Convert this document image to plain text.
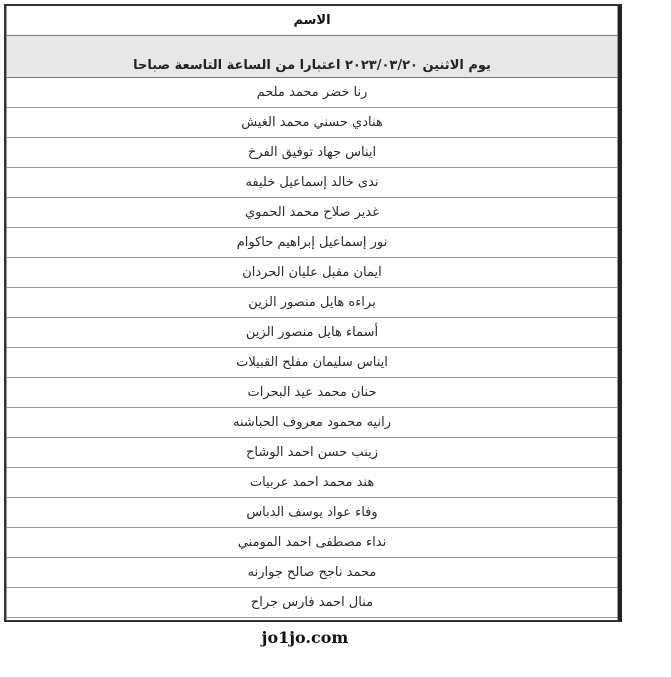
الاسم
يوم الاثنين ٢٠٢٣/٠٣/٢٠ اعتبارا من الساعة التاسعة صباحا
رنا خضر محمد ملحم
هنادي حسني محمد الغيش
ايناس جهاد توفيق الفرخ
ندى خالد إسماعيل خليفه
غدير صلاح محمد الحموي
نور إسماعيل إبراهيم حاكوام
ايمان مقبل عليان الحردان
براءه هايل منصور الزين
أسماء هايل منصور الزين
ايناس سليمان مفلح القبيلات
حنان محمد عيد البحرات
رانيه محمود معروف الحباشنه
زينب حسن احمد الوشاح
هند محمد احمد عربيات
وفاء عواد يوسف الدباس
نداء مصطفى احمد المومني
محمد ناجح صالح جوارنه
منال احمد فارس جراح
jo1jo.com
